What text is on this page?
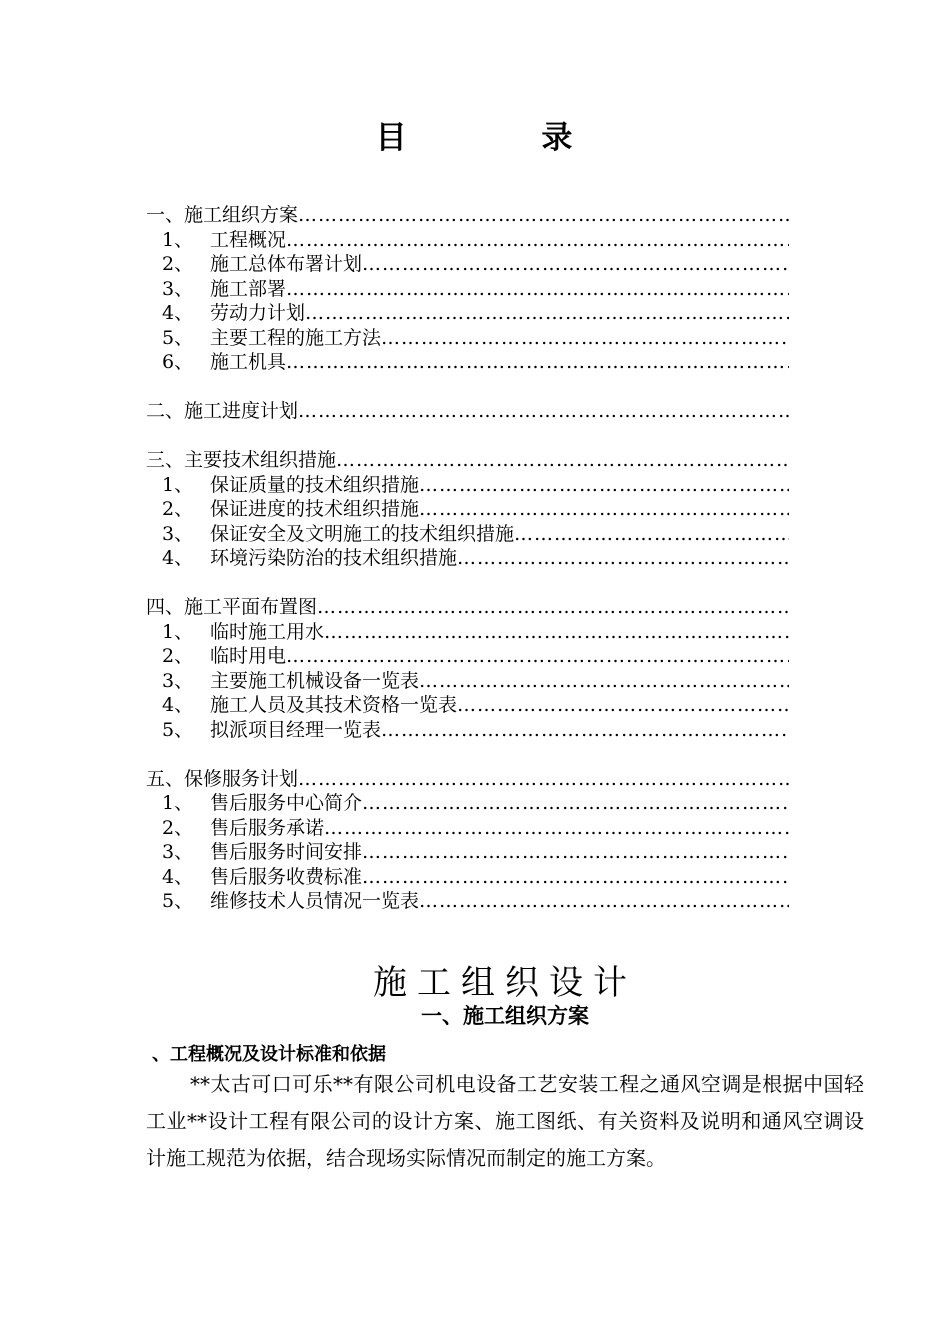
目 录
一、施工组织方案
…………………………………………………………………………………………………………………………………………
1、 工程概况
…………………………………………………………………………………………………………………………………………
2、 施工总体布署计划
…………………………………………………………………………………………………………………………………………
3、 施工部署
…………………………………………………………………………………………………………………………………………
4、 劳动力计划
…………………………………………………………………………………………………………………………………………
5、 主要工程的施工方法
…………………………………………………………………………………………………………………………………………
6、 施工机具
…………………………………………………………………………………………………………………………………………
二、施工进度计划
…………………………………………………………………………………………………………………………………………
三、主要技术组织措施
…………………………………………………………………………………………………………………………………………
1、 保证质量的技术组织措施
…………………………………………………………………………………………………………………………………………
2、 保证进度的技术组织措施
…………………………………………………………………………………………………………………………………………
3、 保证安全及文明施工的技术组织措施
…………………………………………………………………………………………………………………………………………
4、 环境污染防治的技术组织措施
…………………………………………………………………………………………………………………………………………
四、施工平面布置图
…………………………………………………………………………………………………………………………………………
1、 临时施工用水
…………………………………………………………………………………………………………………………………………
2、 临时用电
…………………………………………………………………………………………………………………………………………
3、 主要施工机械设备一览表
…………………………………………………………………………………………………………………………………………
4、 施工人员及其技术资格一览表
…………………………………………………………………………………………………………………………………………
5、 拟派项目经理一览表
…………………………………………………………………………………………………………………………………………
五、保修服务计划
…………………………………………………………………………………………………………………………………………
1、 售后服务中心简介
…………………………………………………………………………………………………………………………………………
2、 售后服务承诺
…………………………………………………………………………………………………………………………………………
3、 售后服务时间安排
…………………………………………………………………………………………………………………………………………
4、 售后服务收费标准
…………………………………………………………………………………………………………………………………………
5、 维修技术人员情况一览表
…………………………………………………………………………………………………………………………………………
施工组织设计
一、施工组织方案
、工程概况及设计标准和依据
**太古可口可乐**有限公司机电设备工艺安装工程之通风空调是根据中国轻工业**设计工程有限公司的设计方案、施工图纸、有关资料及说明和通风空调设计施工规范为依据，结合现场实际情况而制定的施工方案。
